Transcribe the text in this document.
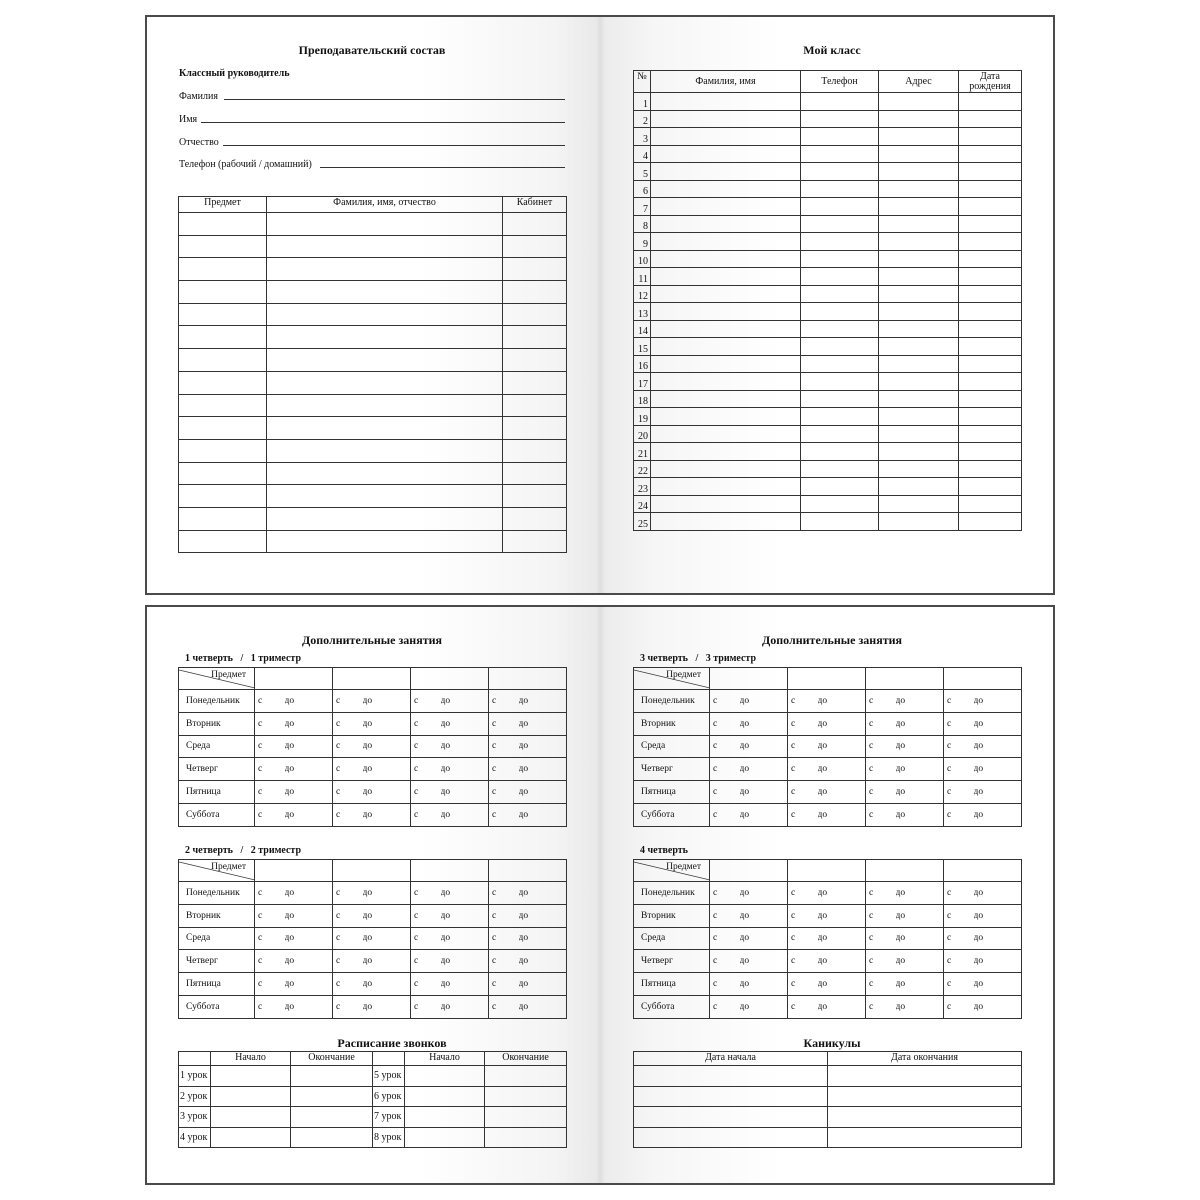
Преподавательский состав
Классный руководитель
Фамилия
Имя
Отчество
Телефон (рабочий / домашний)
Предмет	Фамилия, имя, отчество	Кабинет

Мой класс
№	Фамилия, имя	Телефон	Адрес	Дата рождения
1				
2				
3				
4				
5				
6				
7				
8				
9				
10				
11				
12				
13				
14				
15				
16				
17				
18				
19				
20				
21				
22				
23				
24				
25				
Дополнительные занятия
1 четверть   /   1 триместр
Предмет								

Понедельник	с	до	с	до	с	до	с	до
Вторник	с	до	с	до	с	до	с	до
Среда	с	до	с	до	с	до	с	до
Четверг	с	до	с	до	с	до	с	до
Пятница	с	до	с	до	с	до	с	до
Суббота	с	до	с	до	с	до	с	до
2 четверть   /   2 триместр
Предмет								

Понедельник	с	до	с	до	с	до	с	до
Вторник	с	до	с	до	с	до	с	до
Среда	с	до	с	до	с	до	с	до
Четверг	с	до	с	до	с	до	с	до
Пятница	с	до	с	до	с	до	с	до
Суббота	с	до	с	до	с	до	с	до
Расписание звонков
	Начало	Окончание		Начало	Окончание
1 урок			5 урок		
2 урок			6 урок		
3 урок			7 урок		
4 урок			8 урок		
Дополнительные занятия
3 четверть   /   3 триместр
Предмет								

Понедельник	с	до	с	до	с	до	с	до
Вторник	с	до	с	до	с	до	с	до
Среда	с	до	с	до	с	до	с	до
Четверг	с	до	с	до	с	до	с	до
Пятница	с	до	с	до	с	до	с	до
Суббота	с	до	с	до	с	до	с	до
4 четверть
Предмет								

Понедельник	с	до	с	до	с	до	с	до
Вторник	с	до	с	до	с	до	с	до
Среда	с	до	с	до	с	до	с	до
Четверг	с	до	с	до	с	до	с	до
Пятница	с	до	с	до	с	до	с	до
Суббота	с	до	с	до	с	до	с	до
Каникулы
Дата начала	Дата окончания
